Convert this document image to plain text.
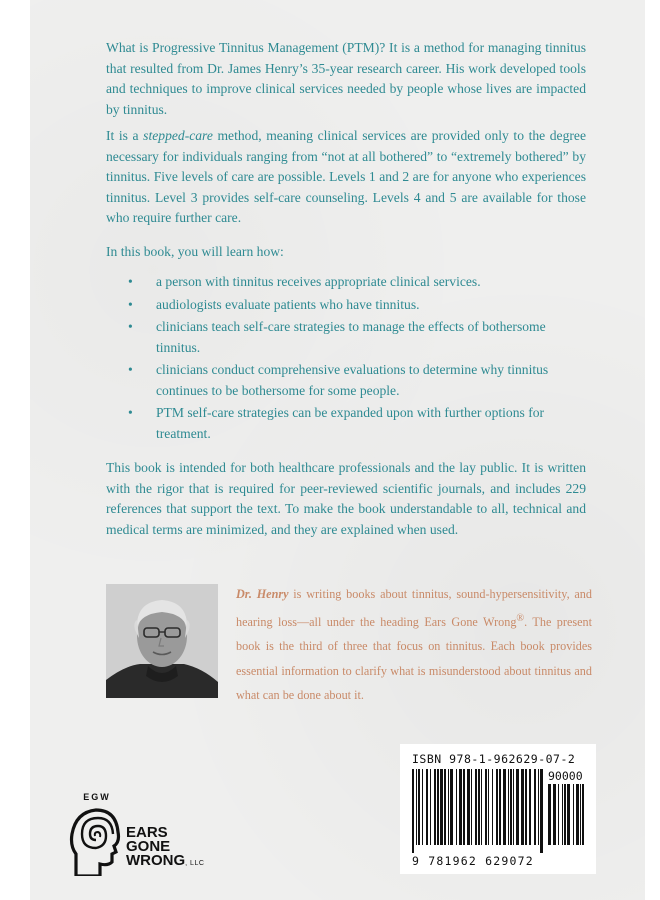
What is Progressive Tinnitus Management (PTM)? It is a method for managing tinnitus that resulted from Dr. James Henry’s 35-year research career. His work developed tools and techniques to improve clinical services needed by people whose lives are impacted by tinnitus.

It is a stepped-care method, meaning clinical services are provided only to the degree necessary for individuals ranging from “not at all bothered” to “extremely bothered” by tinnitus. Five levels of care are possible. Levels 1 and 2 are for anyone who experiences tinnitus. Level 3 provides self-care counseling. Levels 4 and 5 are available for those who require further care.

In this book, you will learn how:

•	a person with tinnitus receives appropriate clinical services.
•	audiologists evaluate patients who have tinnitus.
•	clinicians teach self-care strategies to manage the effects of bothersome tinnitus.
•	clinicians conduct comprehensive evaluations to determine why tinnitus continues to be bothersome for some people.
•	PTM self-care strategies can be expanded upon with further options for treatment.

This book is intended for both healthcare professionals and the lay public. It is written with the rigor that is required for peer-reviewed scientific journals, and includes 229 references that support the text. To make the book understandable to all, technical and medical terms are minimized, and they are explained when used.

Dr. Henry is writing books about tinnitus, sound-hypersensitivity, and hearing loss—all under the heading Ears Gone Wrong®. The present book is the third of three that focus on tinnitus. Each book provides essential information to clarify what is misunderstood about tinnitus and what can be done about it.

ISBN 978-1-962629-07-2
90000
9 781962 629072
EGW
EARS
GONE
WRONG, LLC
